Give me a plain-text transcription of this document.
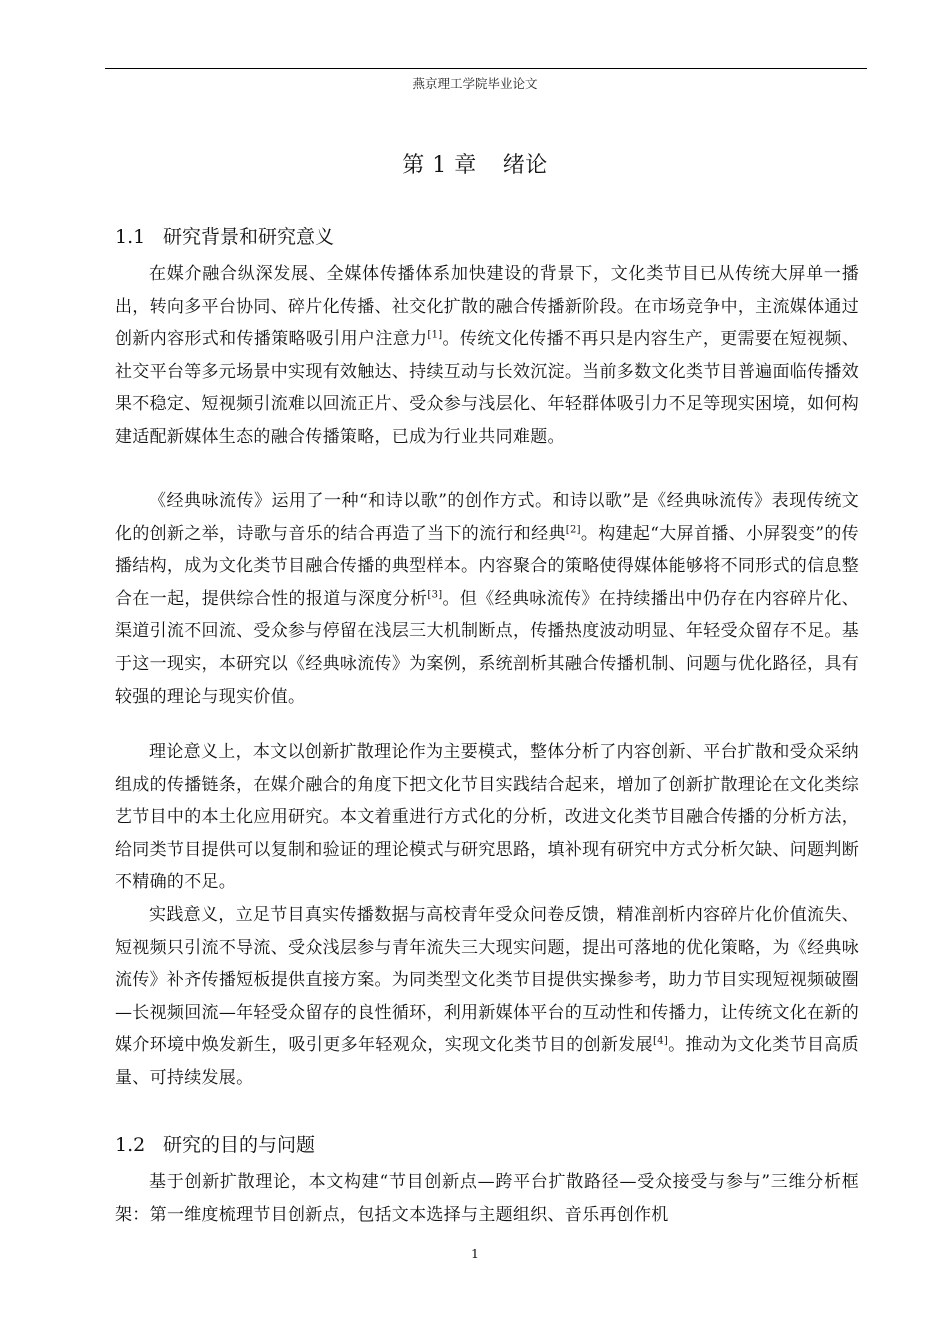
燕京理工学院毕业论文
第 1 章 绪论
1.1 研究背景和研究意义

在媒介融合纵深发展、全媒体传播体系加快建设的背景下，文化类节目已从传统大屏单一播出，转向多平台协同、碎片化传播、社交化扩散的融合传播新阶段。在市场竞争中，主流媒体通过创新内容形式和传播策略吸引用户注意力[1]。传统文化传播不再只是内容生产，更需要在短视频、社交平台等多元场景中实现有效触达、持续互动与长效沉淀。当前多数文化类节目普遍面临传播效果不稳定、短视频引流难以回流正片、受众参与浅层化、年轻群体吸引力不足等现实困境，如何构建适配新媒体生态的融合传播策略，已成为行业共同难题。

《经典咏流传》运用了一种“和诗以歌”的创作方式。和诗以歌”是《经典咏流传》表现传统文化的创新之举，诗歌与音乐的结合再造了当下的流行和经典[2]。构建起“大屏首播、小屏裂变”的传播结构，成为文化类节目融合传播的典型样本。内容聚合的策略使得媒体能够将不同形式的信息整合在一起，提供综合性的报道与深度分析[3]。但《经典咏流传》在持续播出中仍存在内容碎片化、渠道引流不回流、受众参与停留在浅层三大机制断点，传播热度波动明显、年轻受众留存不足。基于这一现实，本研究以《经典咏流传》为案例，系统剖析其融合传播机制、问题与优化路径，具有较强的理论与现实价值。

理论意义上，本文以创新扩散理论作为主要模式，整体分析了内容创新、平台扩散和受众采纳组成的传播链条，在媒介融合的角度下把文化节目实践结合起来，增加了创新扩散理论在文化类综艺节目中的本土化应用研究。本文着重进行方式化的分析，改进文化类节目融合传播的分析方法，给同类节目提供可以复制和验证的理论模式与研究思路，填补现有研究中方式分析欠缺、问题判断不精确的不足。

实践意义，立足节目真实传播数据与高校青年受众问卷反馈，精准剖析内容碎片化价值流失、短视频只引流不导流、受众浅层参与青年流失三大现实问题，提出可落地的优化策略，为《经典咏流传》补齐传播短板提供直接方案。为同类型文化类节目提供实操参考，助力节目实现短视频破圈—长视频回流—年轻受众留存的良性循环，利用新媒体平台的互动性和传播力，让传统文化在新的媒介环境中焕发新生，吸引更多年轻观众，实现文化类节目的创新发展[4]。推动为文化类节目高质量、可持续发展。

1.2 研究的目的与问题

基于创新扩散理论，本文构建“节目创新点—跨平台扩散路径—受众接受与参与”三维分析框架：第一维度梳理节目创新点，包括文本选择与主题组织、音乐再创作机

1
